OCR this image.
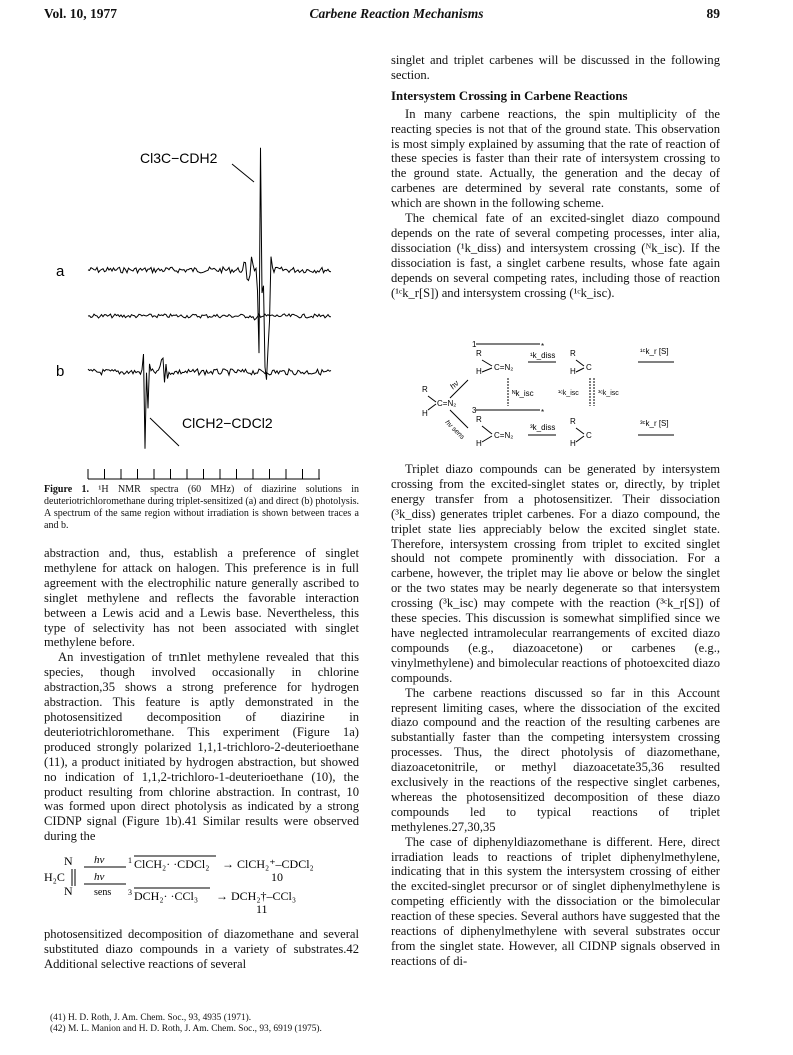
Vol. 10, 1977	Carbene Reaction Mechanisms	89
Cl3C−CDH2
ClCH2−CDCl2
a
b
Figure 1. ¹H NMR spectra (60 MHz) of diazirine solutions in deuteriotrichloromethane during triplet-sensitized (a) and direct (b) photolysis. A spectrum of the same region without irradiation is shown between traces a and b.

abstraction and, thus, establish a preference of singlet methylene for attack on halogen. This preference is in full agreement with the electrophilic nature generally ascribed to singlet methylene and reflects the favorable interaction between a Lewis acid and a Lewis base. Nevertheless, this type of selectivity has not been associated with singlet methylene before.

An investigation of trıոlet methylene revealed that this species, though involved occasionally in chlorine abstraction,35 shows a strong preference for hydrogen abstraction. This feature is aptly demonstrated in the photosensitized decomposition of diazirine in deuteriotrichloromethane. This experiment (Figure 1a) produced strongly polarized 1,1,1-trichloro-2-deuterioethane (11), a product initiated by hydrogen abstraction, but showed no indication of 1,1,2-trichloro-1-deuterioethane (10), the product resulting from chlorine abstraction. In contrast, 10 was formed upon direct photolysis as indicated by a strong CIDNP signal (Figure 1b).41 Similar results were observed during the

N
H₂C
N
hν
hν
sens
1 ClCH₂· ·CDCl₂ → ClCH₂⁺–CDCl₂
10
3 DCH₂· ·CCl₃ → DCH₂†–CCl₃
11

photosensitized decomposition of diazomethane and several substituted diazo compounds in a variety of substrates.42 Additional selective reactions of several

(41) H. D. Roth, J. Am. Chem. Soc., 93, 4935 (1971).
(42) M. L. Manion and H. D. Roth, J. Am. Chem. Soc., 93, 6919 (1975).

singlet and triplet carbenes will be discussed in the following section.

Intersystem Crossing in Carbene Reactions

In many carbene reactions, the spin multiplicity of the reacting species is not that of the ground state. This observation is most simply explained by assuming that the rate of reaction of these species is faster than their rate of intersystem crossing to the ground state. Actually, the generation and the decay of carbenes are determined by several rate constants, some of which are shown in the following scheme.

The chemical fate of an excited-singlet diazo compound depends on the rate of several competing processes, inter alia, dissociation (¹k_diss) and intersystem crossing (ᴺk_isc). If the dissociation is fast, a singlet carbene results, whose fate again depends on several competing rates, including those of reaction (¹ᶜk_r[S]) and intersystem crossing (¹ᶜk_isc).

R
H
C=N₂
hν
hν sens
1	*
R
H C=N₂
¹k_diss R
H C
¹ᶜk_r [S]
ᴺk_isc	¹ᶜk_isc	³ᶜk_isc
3	*
R
H
C=N₂
³k_diss
R
H
C
³ᶜk_r [S]

Triplet diazo compounds can be generated by intersystem crossing from the excited-singlet states or, directly, by triplet energy transfer from a photosensitizer. Their dissociation (³k_diss) generates triplet carbenes. For a diazo compound, the triplet state lies appreciably below the excited singlet state. Therefore, intersystem crossing from triplet to excited singlet should not compete prominently with dissociation. For a carbene, however, the triplet may lie above or below the singlet or the two states may be nearly degenerate so that intersystem crossing (³k_isc) may compete with the reaction (³ᶜk_r[S]) of these species. This discussion is somewhat simplified since we have neglected intramolecular rearrangements of excited diazo compounds (e.g., diazoacetone) or carbenes (e.g., vinylmethylene) and bimolecular reactions of photoexcited diazo compounds.

The carbene reactions discussed so far in this Account represent limiting cases, where the dissociation of the excited diazo compound and the reaction of the resulting carbenes are substantially faster than the competing intersystem crossing processes. Thus, the direct photolysis of diazomethane, diazoacetonitrile, or methyl diazoacetate35,36 resulted exclusively in the reactions of the respective singlet carbenes, whereas the photosensitized decomposition of these diazo compounds led to typical reactions of triplet methylenes.27,30,35

The case of diphenyldiazomethane is different. Here, direct irradiation leads to reactions of triplet diphenylmethylene, indicating that in this system the intersystem crossing of either the excited-singlet precursor or of singlet diphenylmethylene is competing efficiently with the dissociation or the bimolecular reaction of these species. Several authors have suggested that the reactions of diphenylmethylene with several substrates occur from the singlet state. However, all CIDNP signals observed in reactions of di-
